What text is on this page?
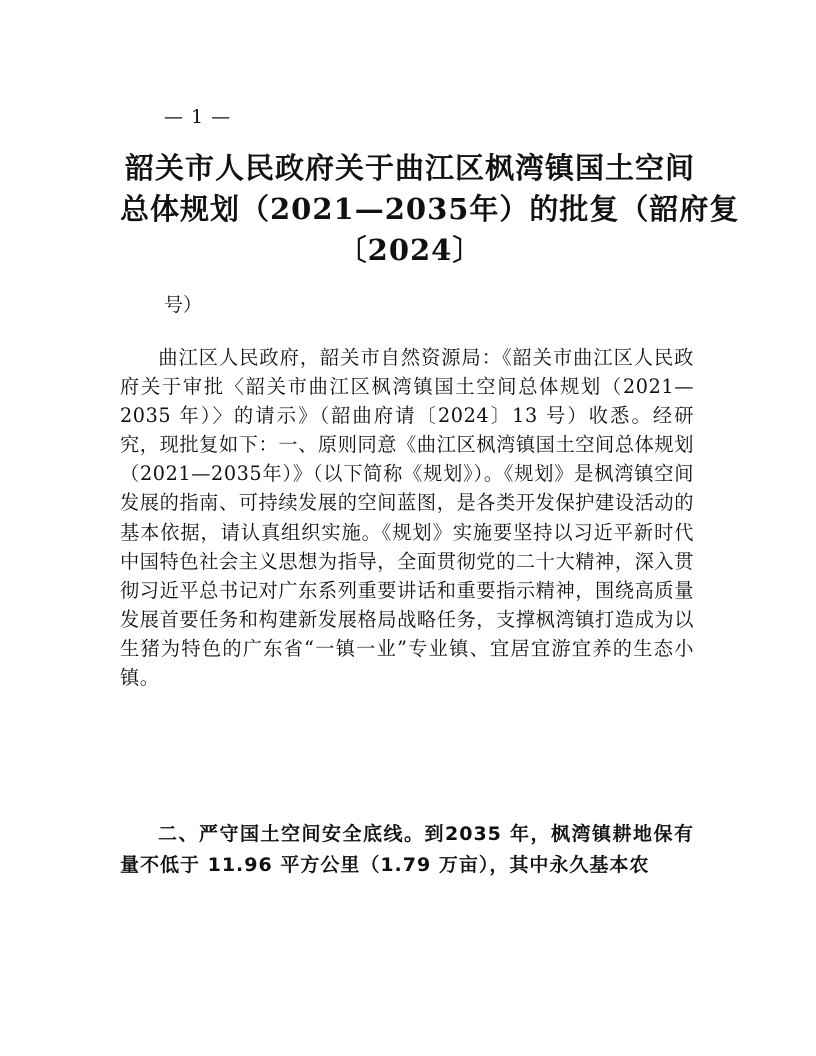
— 1 —
韶关市人民政府关于曲江区枫湾镇国土空间
总体规划（2021—2035年）的批复（韶府复
〔2024〕
号）

曲江区人民政府，韶关市自然资源局：《韶关市曲江区人民政府关于审批〈韶关市曲江区枫湾镇国土空间总体规划（2021—2035 年）〉的请示》（韶曲府请〔2024〕13 号）收悉。经研究，现批复如下：一、原则同意《曲江区枫湾镇国土空间总体规划（2021—2035年）》（以下简称《规划》）。《规划》是枫湾镇空间发展的指南、可持续发展的空间蓝图，是各类开发保护建设活动的基本依据，请认真组织实施。《规划》实施要坚持以习近平新时代中国特色社会主义思想为指导，全面贯彻党的二十大精神，深入贯彻习近平总书记对广东系列重要讲话和重要指示精神，围绕高质量发展首要任务和构建新发展格局战略任务，支撑枫湾镇打造成为以生猪为特色的广东省“一镇一业”专业镇、宜居宜游宜养的生态小镇。

二、严守国土空间安全底线。到2035 年，枫湾镇耕地保有量不低于 11.96 平方公里（1.79 万亩），其中永久基本农
